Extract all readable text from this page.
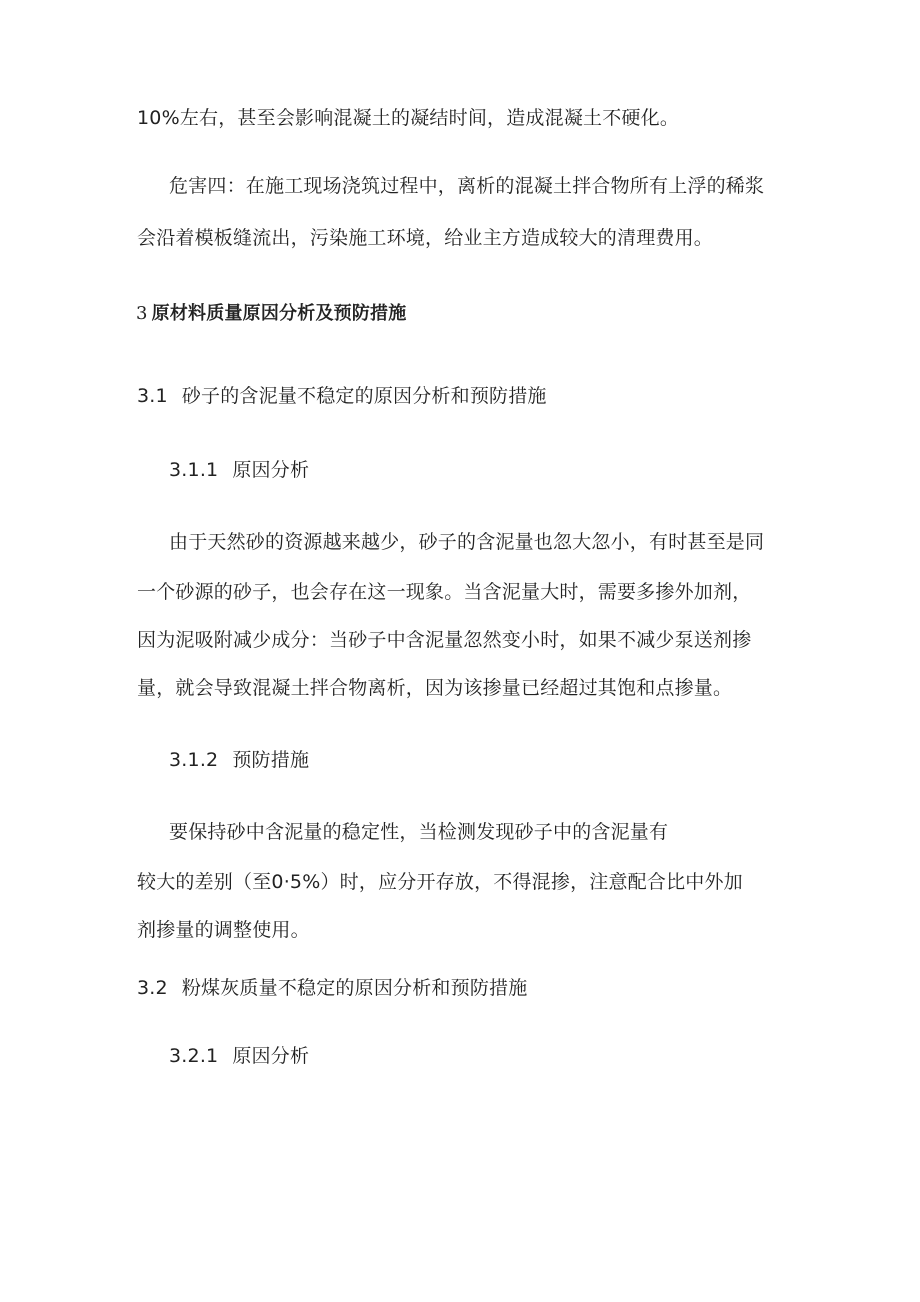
10%左右，甚至会影响混凝土的凝结时间，造成混凝土不硬化。
危害四：在施工现场浇筑过程中，离析的混凝土拌合物所有上浮的稀浆
会沿着模板缝流出，污染施工环境，给业主方造成较大的清理费用。
3 原材料质量原因分析及预防措施
3.1 砂子的含泥量不稳定的原因分析和预防措施
3.1.1 原因分析
由于天然砂的资源越来越少，砂子的含泥量也忽大忽小，有时甚至是同
一个砂源的砂子，也会存在这一现象。当含泥量大时，需要多掺外加剂，
因为泥吸附减少成分：当砂子中含泥量忽然变小时，如果不减少泵送剂掺
量，就会导致混凝土拌合物离析，因为该掺量已经超过其饱和点掺量。
3.1.2 预防措施
要保持砂中含泥量的稳定性，当检测发现砂子中的含泥量有
较大的差别（至0·5%）时，应分开存放，不得混掺，注意配合比中外加
剂掺量的调整使用。
3.2 粉煤灰质量不稳定的原因分析和预防措施
3.2.1 原因分析
